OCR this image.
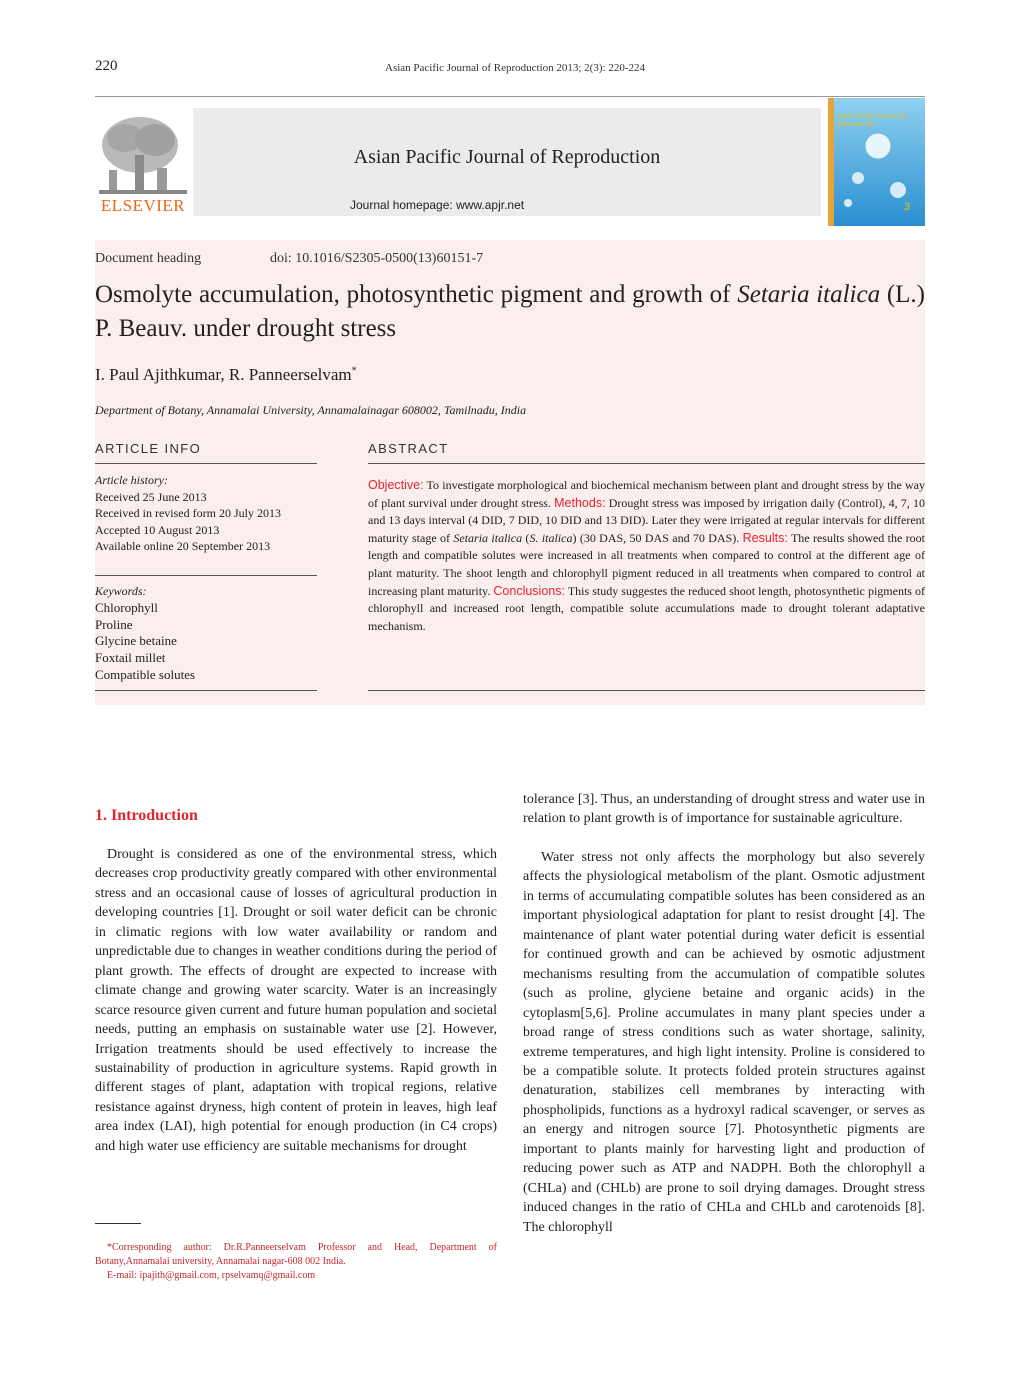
220	Asian Pacific Journal of Reproduction 2013; 2(3): 220-224
ELSEVIER
Asian Pacific Journal of Reproduction
Journal homepage: www.apjr.net	3
Asian Pacific Journal of Reproduction
Document heading	doi: 10.1016/S2305-0500(13)60151-7
Osmolyte accumulation, photosynthetic pigment and growth of Setaria italica (L.) P. Beauv. under drought stress
I. Paul Ajithkumar, R. Panneerselvam*
Department of Botany, Annamalai University, Annamalainagar 608002, Tamilnadu, India
ARTICLE INFO
Article history:
Received 25 June 2013
Received in revised form 20 July 2013
Accepted 10 August 2013
Available online 20 September 2013
Keywords:
Chlorophyll
Proline
Glycine betaine
Foxtail millet
Compatible solutes
ABSTRACT
Objective: To investigate morphological and biochemical mechanism between plant and drought stress by the way of plant survival under drought stress. Methods: Drought stress was imposed by irrigation daily (Control), 4, 7, 10 and 13 days interval (4 DID, 7 DID, 10 DID and 13 DID). Later they were irrigated at regular intervals for different maturity stage of Setaria italica (S. italica) (30 DAS, 50 DAS and 70 DAS). Results: The results showed the root length and compatible solutes were increased in all treatments when compared to control at the different age of plant maturity. The shoot length and chlorophyll pigment reduced in all treatments when compared to control at increasing plant maturity. Conclusions: This study suggestes the reduced shoot length, photosynthetic pigments of chlorophyll and increased root length, compatible solute accumulations made to drought tolerant adaptative mechanism.
1. Introduction
Drought is considered as one of the environmental stress, which decreases crop productivity greatly compared with other environmental stress and an occasional cause of losses of agricultural production in developing countries [1]. Drought or soil water deficit can be chronic in climatic regions with low water availability or random and unpredictable due to changes in weather conditions during the period of plant growth. The effects of drought are expected to increase with climate change and growing water scarcity. Water is an increasingly scarce resource given current and future human population and societal needs, putting an emphasis on sustainable water use [2]. However, Irrigation treatments should be used effectively to increase the sustainability of production in agriculture systems. Rapid growth in different stages of plant, adaptation with tropical regions, relative resistance against dryness, high content of protein in leaves, high leaf area index (LAI), high potential for enough production (in C4 crops) and high water use efficiency are suitable mechanisms for drought
*Corresponding author: Dr.R.Panneerselvam Professor and Head, Department of Botany,Annamalai university, Annamalai nagar-608 002 India.
E-mail: ipajith@gmail.com, rpselvamq@gmail.com
tolerance [3]. Thus, an understanding of drought stress and water use in relation to plant growth is of importance for sustainable agriculture.
Water stress not only affects the morphology but also severely affects the physiological metabolism of the plant. Osmotic adjustment in terms of accumulating compatible solutes has been considered as an important physiological adaptation for plant to resist drought [4]. The maintenance of plant water potential during water deficit is essential for continued growth and can be achieved by osmotic adjustment mechanisms resulting from the accumulation of compatible solutes (such as proline, glyciene betaine and organic acids) in the cytoplasm[5,6]. Proline accumulates in many plant species under a broad range of stress conditions such as water shortage, salinity, extreme temperatures, and high light intensity. Proline is considered to be a compatible solute. It protects folded protein structures against denaturation, stabilizes cell membranes by interacting with phospholipids, functions as a hydroxyl radical scavenger, or serves as an energy and nitrogen source [7]. Photosynthetic pigments are important to plants mainly for harvesting light and production of reducing power such as ATP and NADPH. Both the chlorophyll a (CHLa) and (CHLb) are prone to soil drying damages. Drought stress induced changes in the ratio of CHLa and CHLb and carotenoids [8]. The chlorophyll
